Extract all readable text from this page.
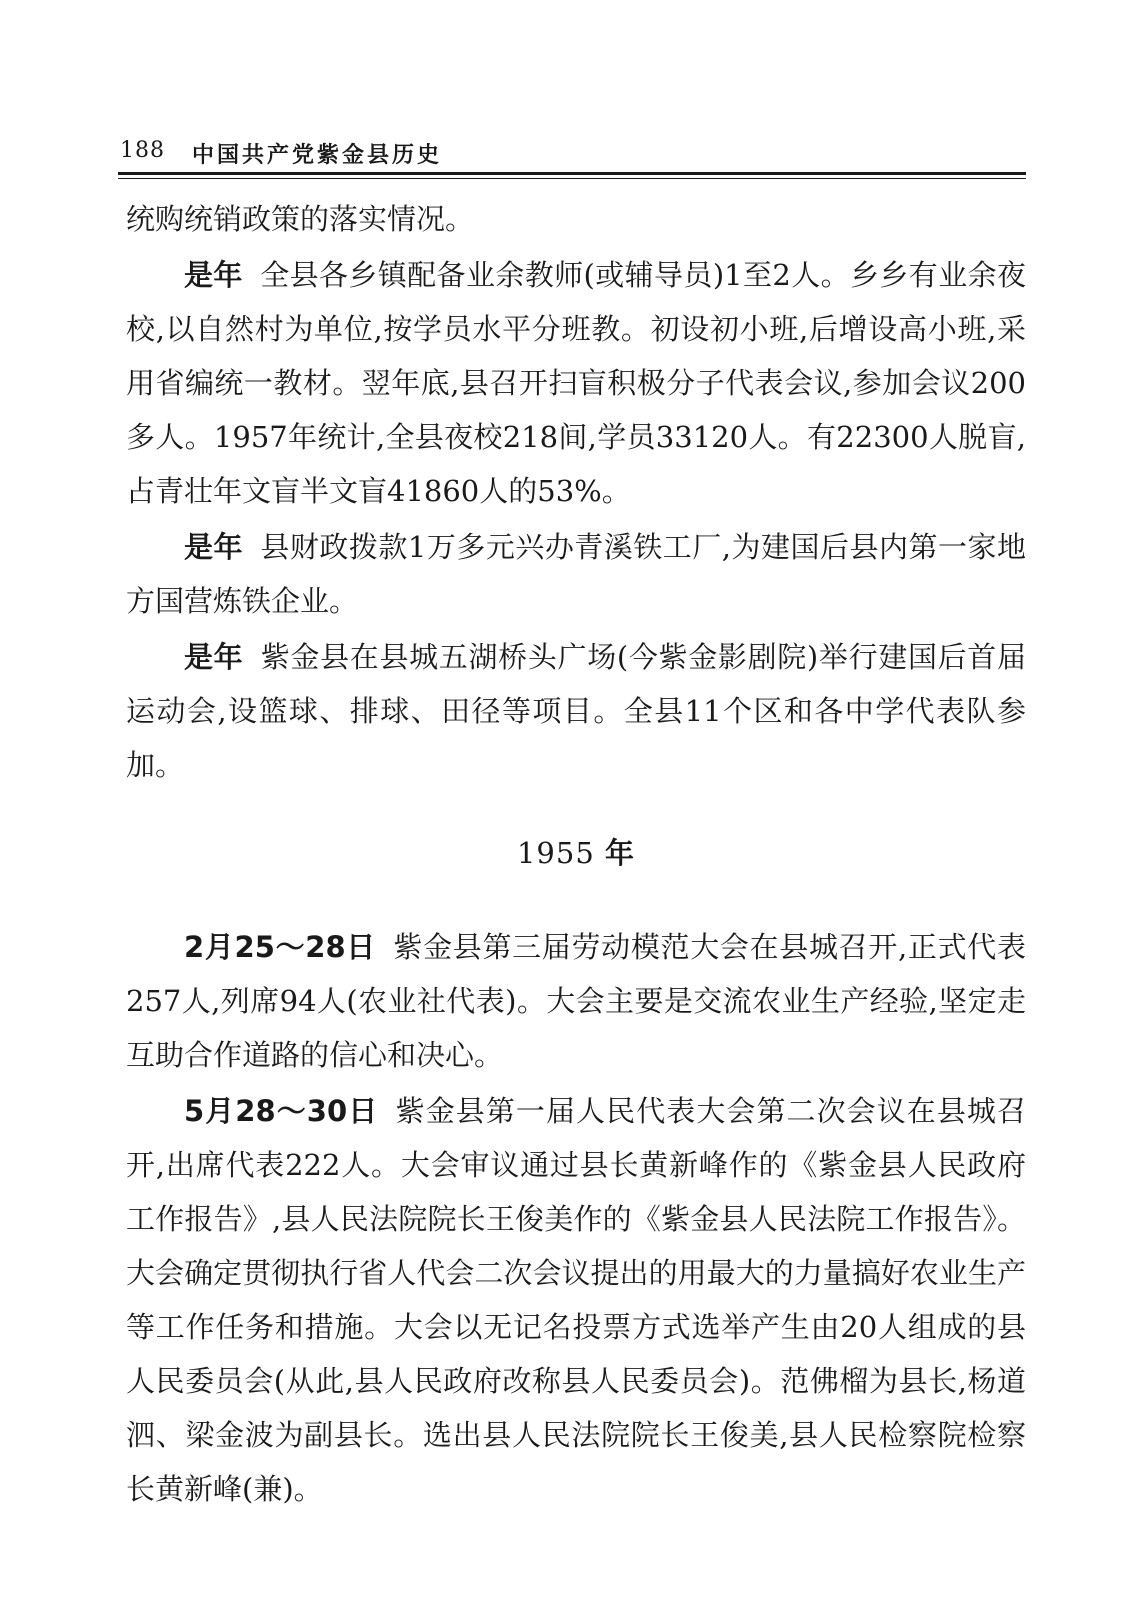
188 中国共产党紫金县历史

统购统销政策的落实情况。

是年 全县各乡镇配备业余教师(或辅导员)1至2人。乡乡有业余夜校,以自然村为单位,按学员水平分班教。初设初小班,后增设高小班,采用省编统一教材。翌年底,县召开扫盲积极分子代表会议,参加会议200多人。1957年统计,全县夜校218间,学员33120人。有22300人脱盲,占青壮年文盲半文盲41860人的53%。

是年 县财政拨款1万多元兴办青溪铁工厂,为建国后县内第一家地方国营炼铁企业。

是年 紫金县在县城五湖桥头广场(今紫金影剧院)举行建国后首届运动会,设篮球、排球、田径等项目。全县11个区和各中学代表队参加。

1955 年

2月25～28日 紫金县第三届劳动模范大会在县城召开,正式代表257人,列席94人(农业社代表)。大会主要是交流农业生产经验,坚定走互助合作道路的信心和决心。

5月28～30日 紫金县第一届人民代表大会第二次会议在县城召开,出席代表222人。大会审议通过县长黄新峰作的《紫金县人民政府工作报告》,县人民法院院长王俊美作的《紫金县人民法院工作报告》。大会确定贯彻执行省人代会二次会议提出的用最大的力量搞好农业生产等工作任务和措施。大会以无记名投票方式选举产生由20人组成的县人民委员会(从此,县人民政府改称县人民委员会)。范佛榴为县长,杨道泗、梁金波为副县长。选出县人民法院院长王俊美,县人民检察院检察长黄新峰(兼)。
